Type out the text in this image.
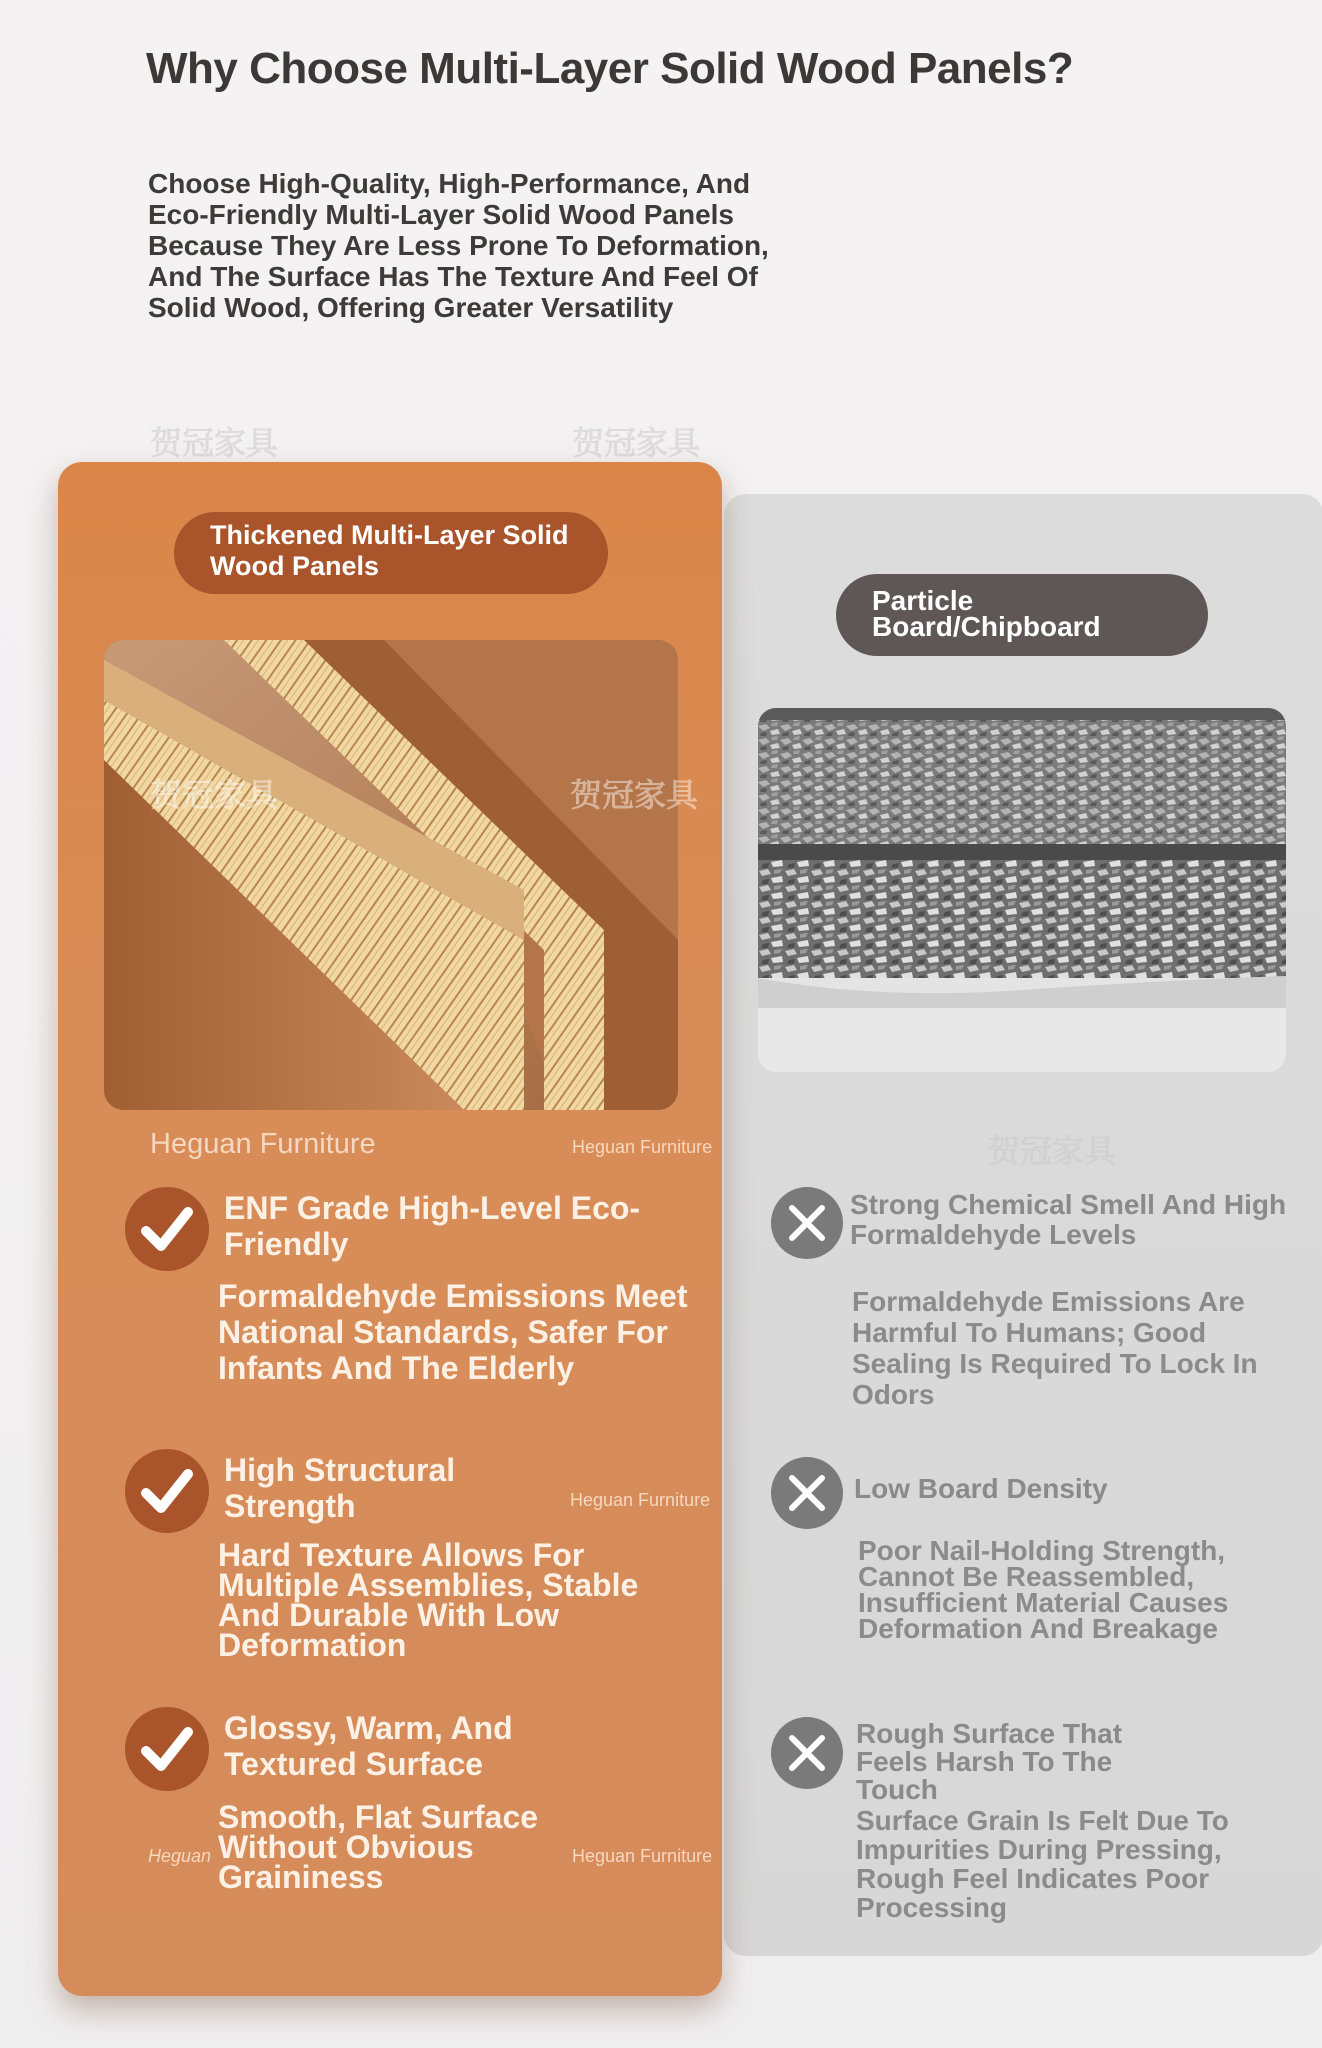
Why Choose Multi-Layer Solid Wood Panels?

Choose High-Quality, High-Performance, And Eco-Friendly Multi-Layer Solid Wood Panels Because They Are Less Prone To Deformation, And The Surface Has The Texture And Feel Of Solid Wood, Offering Greater Versatility

贺冠家具	贺冠家具
Particle Board/Chipboard
贺冠家具
Thickened Multi-Layer Solid Wood Panels
贺冠家具	贺冠家具
Heguan Furniture	Heguan Furniture
Heguan Furniture
Heguan Furniture
Heguan

ENF Grade High-Level Eco-Friendly

Formaldehyde Emissions Meet National Standards, Safer For Infants And The Elderly

High Structural Strength

Hard Texture Allows For Multiple Assemblies, Stable And Durable With Low Deformation

Glossy, Warm, And Textured Surface

Smooth, Flat Surface Without Obvious Graininess

Strong Chemical Smell And High Formaldehyde Levels

Formaldehyde Emissions Are Harmful To Humans; Good Sealing Is Required To Lock In Odors

Low Board Density

Poor Nail-Holding Strength, Cannot Be Reassembled, Insufficient Material Causes Deformation And Breakage

Rough Surface That Feels Harsh To The Touch

Surface Grain Is Felt Due To Impurities During Pressing, Rough Feel Indicates Poor Processing
